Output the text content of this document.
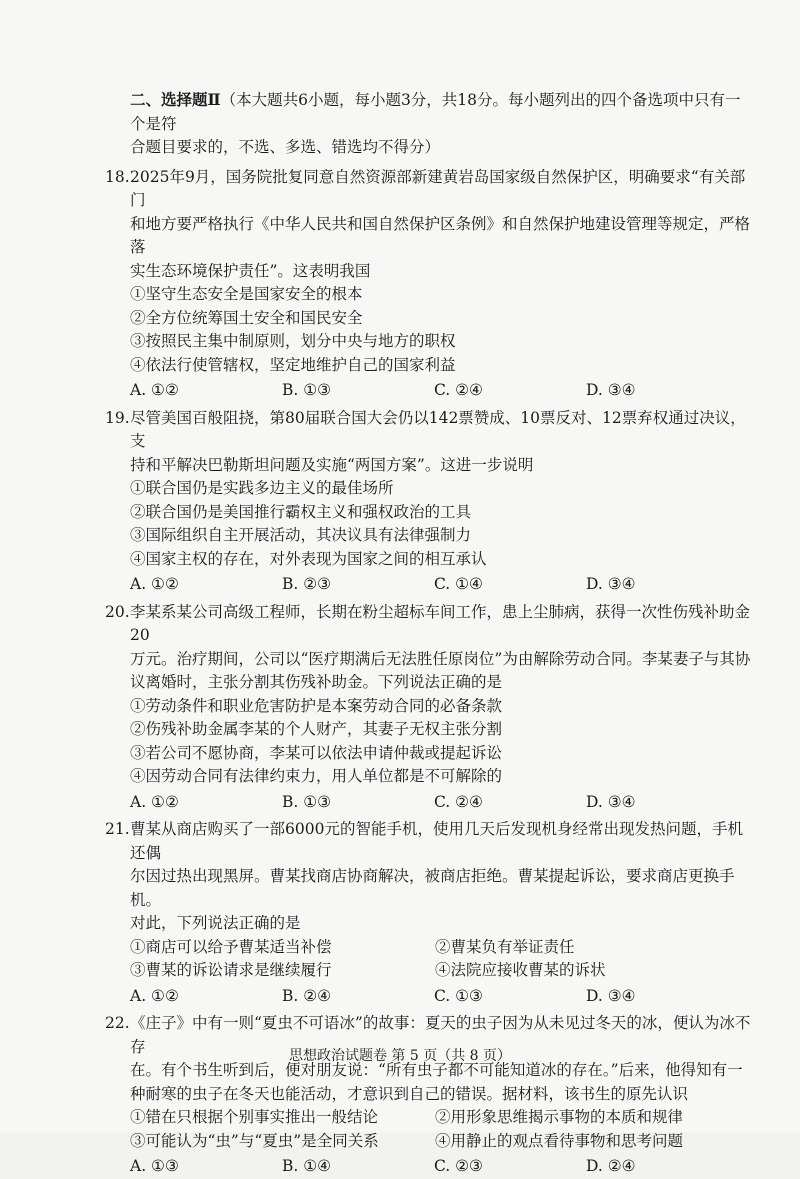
二、选择题Ⅱ（本大题共6小题，每小题3分，共18分。每小题列出的四个备选项中只有一个是符
合题目要求的，不选、多选、错选均不得分）
18. 2025年9月，国务院批复同意自然资源部新建黄岩岛国家级自然保护区，明确要求“有关部门
和地方要严格执行《中华人民共和国自然保护区条例》和自然保护地建设管理等规定，严格落
实生态环境保护责任”。这表明我国
①坚守生态安全是国家安全的根本
②全方位统筹国土安全和国民安全
③按照民主集中制原则，划分中央与地方的职权
④依法行使管辖权，坚定地维护自己的国家利益
A. ①②	B. ①③	C. ②④	D. ③④
19. 尽管美国百般阻挠，第80届联合国大会仍以142票赞成、10票反对、12票弃权通过决议，支
持和平解决巴勒斯坦问题及实施“两国方案”。这进一步说明
①联合国仍是实践多边主义的最佳场所
②联合国仍是美国推行霸权主义和强权政治的工具
③国际组织自主开展活动，其决议具有法律强制力
④国家主权的存在，对外表现为国家之间的相互承认
A. ①②	B. ②③	C. ①④	D. ③④
20. 李某系某公司高级工程师，长期在粉尘超标车间工作，患上尘肺病，获得一次性伤残补助金20
万元。治疗期间，公司以“医疗期满后无法胜任原岗位”为由解除劳动合同。李某妻子与其协
议离婚时，主张分割其伤残补助金。下列说法正确的是
①劳动条件和职业危害防护是本案劳动合同的必备条款
②伤残补助金属李某的个人财产，其妻子无权主张分割
③若公司不愿协商，李某可以依法申请仲裁或提起诉讼
④因劳动合同有法律约束力，用人单位都是不可解除的
A. ①②	B. ①③	C. ②④	D. ③④
21. 曹某从商店购买了一部6000元的智能手机，使用几天后发现机身经常出现发热问题，手机还偶
尔因过热出现黑屏。曹某找商店协商解决，被商店拒绝。曹某提起诉讼，要求商店更换手机。
对此，下列说法正确的是
①商店可以给予曹某适当补偿	②曹某负有举证责任
③曹某的诉讼请求是继续履行	④法院应接收曹某的诉状
A. ①②	B. ②④	C. ①③	D. ③④
22. 《庄子》中有一则“夏虫不可语冰”的故事：夏天的虫子因为从未见过冬天的冰，便认为冰不存
在。有个书生听到后，便对朋友说：“所有虫子都不可能知道冰的存在。”后来，他得知有一
种耐寒的虫子在冬天也能活动，才意识到自己的错误。据材料，该书生的原先认识
①错在只根据个别事实推出一般结论	②用形象思维揭示事物的本质和规律
③可能认为“虫”与“夏虫”是全同关系	④用静止的观点看待事物和思考问题
A. ①③	B. ①④	C. ②③	D. ②④
思想政治试题卷 第 5 页（共 8 页）
